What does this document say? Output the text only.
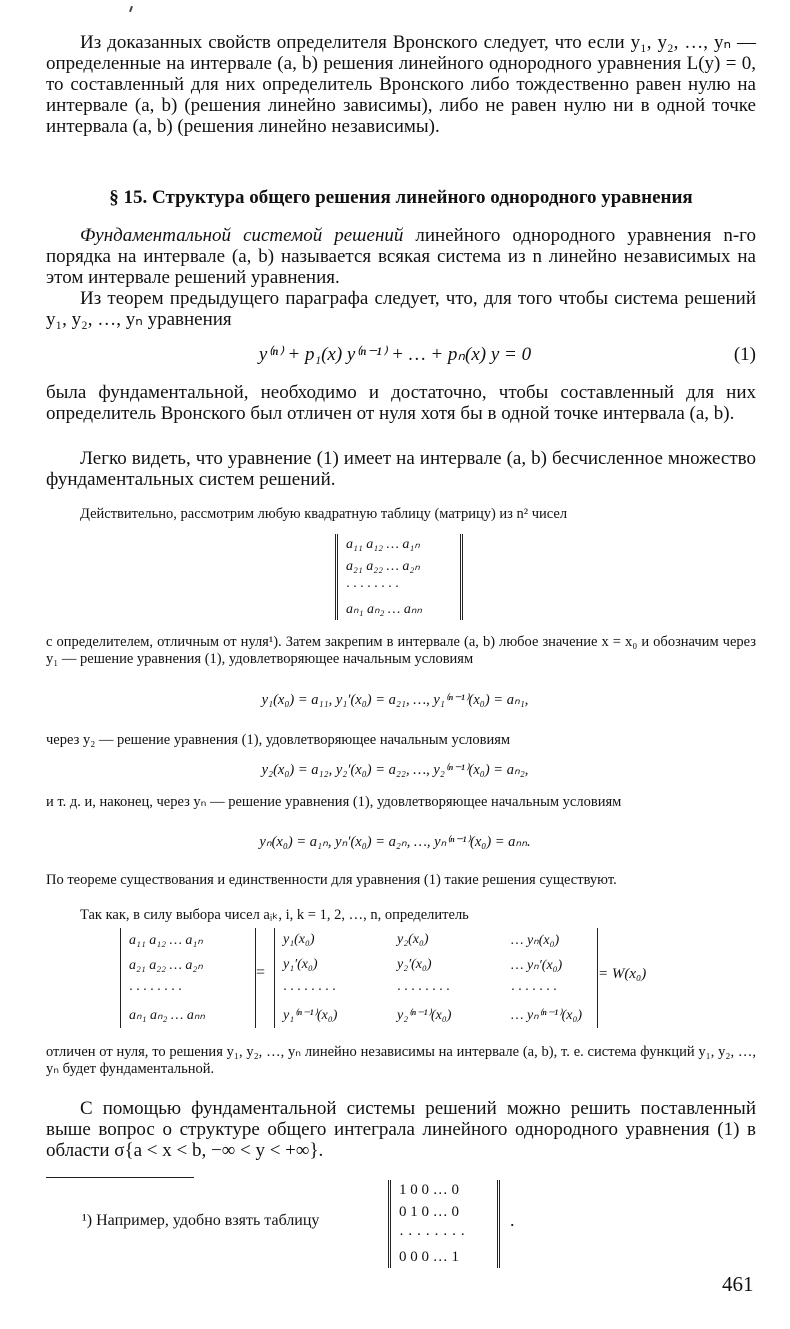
Из доказанных свойств определителя Вронского следует, что если y₁, y₂, …, yₙ — определенные на интервале (a, b) решения линейного однородного уравнения L(y) = 0, то составленный для них определитель Вронского либо тождественно равен нулю на интервале (a, b) (решения линейно зависимы), либо не равен нулю ни в одной точке интервала (a, b) (решения линейно независимы).

§ 15. Структура общего решения линейного однородного уравнения

Фундаментальной системой решений линейного однородного уравнения n-го порядка на интервале (a, b) называется всякая система из n линейно независимых на этом интервале решений уравнения.

Из теорем предыдущего параграфа следует, что, для того чтобы система решений y₁, y₂, …, yₙ уравнения

y⁽ⁿ⁾ + p₁(x) y⁽ⁿ⁻¹⁾ + … + pₙ(x) y = 0	(1)

была фундаментальной, необходимо и достаточно, чтобы составленный для них определитель Вронского был отличен от нуля хотя бы в одной точке интервала (a, b).

Легко видеть, что уравнение (1) имеет на интервале (a, b) бесчисленное множество фундаментальных систем решений.

Действительно, рассмотрим любую квадратную таблицу (матрицу) из n² чисел

a₁₁ a₁₂ … a₁ₙ
a₂₁ a₂₂ … a₂ₙ
· · · · · · · ·
aₙ₁ aₙ₂ … aₙₙ

с определителем, отличным от нуля¹). Затем закрепим в интервале (a, b) любое значение x = x₀ и обозначим через y₁ — решение уравнения (1), удовлетворяющее начальным условиям

y₁(x₀) = a₁₁, y₁′(x₀) = a₂₁, …, y₁⁽ⁿ⁻¹⁾(x₀) = aₙ₁,

через y₂ — решение уравнения (1), удовлетворяющее начальным условиям

y₂(x₀) = a₁₂, y₂′(x₀) = a₂₂, …, y₂⁽ⁿ⁻¹⁾(x₀) = aₙ₂,

и т. д. и, наконец, через yₙ — решение уравнения (1), удовлетворяющее начальным условиям

yₙ(x₀) = a₁ₙ, yₙ′(x₀) = a₂ₙ, …, yₙ⁽ⁿ⁻¹⁾(x₀) = aₙₙ.

По теореме существования и единственности для уравнения (1) такие решения существуют.

Так как, в силу выбора чисел aᵢₖ, i, k = 1, 2, …, n, определитель

a₁₁ a₁₂ … a₁ₙ
a₂₁ a₂₂ … a₂ₙ
· · · · · · · ·
aₙ₁ aₙ₂ … aₙₙ
=
y₁(x₀)	y₂(x₀)	… yₙ(x₀)
y₁′(x₀)	y₂′(x₀)	… yₙ′(x₀)
· · · · · · · ·	· · · · · · · ·	· · · · · · ·
y₁⁽ⁿ⁻¹⁾(x₀)	y₂⁽ⁿ⁻¹⁾(x₀)	… yₙ⁽ⁿ⁻¹⁾(x₀)
= W(x₀)

отличен от нуля, то решения y₁, y₂, …, yₙ линейно независимы на интервале (a, b), т. е. система функций y₁, y₂, …, yₙ будет фундаментальной.

С помощью фундаментальной системы решений можно решить поставленный выше вопрос о структуре общего интеграла линейного однородного уравнения (1) в области σ{a < x < b, −∞ < y < +∞}.

¹) Например, удобно взять таблицу
1 0 0 … 0
0 1 0 … 0
· · · · · · · ·
0 0 0 … 1
.
461
